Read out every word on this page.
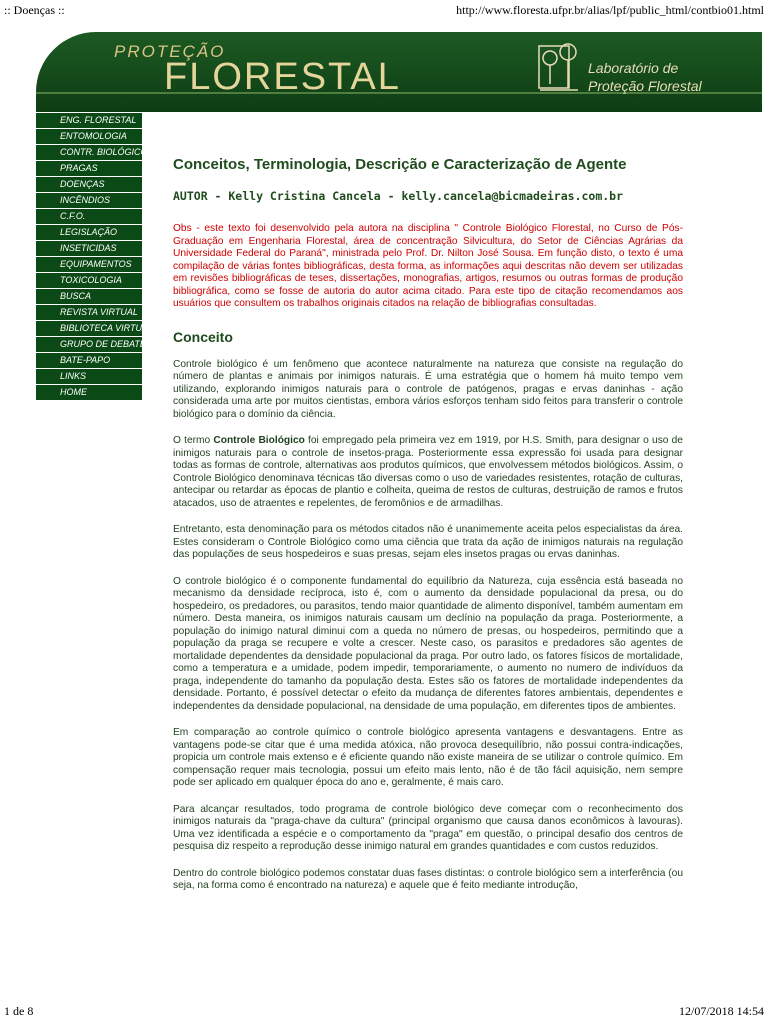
:: Doenças ::	http://www.floresta.ufpr.br/alias/lpf/public_html/contbio01.html
PROTEÇÃO
FLORESTAL	Laboratório de
Proteção Florestal
ENG. FLORESTAL
ENTOMOLOGIA
CONTR. BIOLÓGICO
PRAGAS
DOENÇAS
INCÊNDIOS
C.F.O.
LEGISLAÇÃO
INSETICIDAS
EQUIPAMENTOS
TOXICOLOGIA
BUSCA
REVISTA VIRTUAL
BIBLIOTECA VIRTUAL
GRUPO DE DEBATES
BATE-PAPO
LINKS
HOME
Conceitos, Terminologia, Descrição e Caracterização de Agente
AUTOR - Kelly Cristina Cancela - kelly.cancela@bicmadeiras.com.br

Obs - este texto foi desenvolvido pela autora na disciplina " Controle Biológico Florestal, no Curso de Pós-Graduação em Engenharia Florestal, área de concentração Silvicultura, do Setor de Ciências Agrárias da Universidade Federal do Paraná", ministrada pelo Prof. Dr. Nilton José Sousa. Em função disto, o texto é uma compilação de várias fontes bibliográficas, desta forma, as informações aqui descritas não devem ser utilizadas em revisões bibliográficas de teses, dissertações, monografias, artigos, resumos ou outras formas de produção bibliográfica, como se fosse de autoria do autor acima citado. Para este tipo de citação recomendamos aos usuários que consultem os trabalhos originais citados na relação de bibliografias consultadas.

Conceito

Controle biológico é um fenômeno que acontece naturalmente na natureza que consiste na regulação do número de plantas e animais por inimigos naturais. É uma estratégia que o homem há muito tempo vem utilizando, explorando inimigos naturais para o controle de patógenos, pragas e ervas daninhas - ação considerada uma arte por muitos cientistas, embora vários esforços tenham sido feitos para transferir o controle biológico para o domínio da ciência.

O termo Controle Biológico foi empregado pela primeira vez em 1919, por H.S. Smith, para designar o uso de inimigos naturais para o controle de insetos-praga. Posteriormente essa expressão foi usada para designar todas as formas de controle, alternativas aos produtos químicos, que envolvessem métodos biológicos. Assim, o Controle Biológico denominava técnicas tão diversas como o uso de variedades resistentes, rotação de culturas, antecipar ou retardar as épocas de plantio e colheita, queima de restos de culturas, destruição de ramos e frutos atacados, uso de atraentes e repelentes, de feromônios e de armadilhas.

Entretanto, esta denominação para os métodos citados não é unanimemente aceita pelos especialistas da área. Estes consideram o Controle Biológico como uma ciência que trata da ação de inimigos naturais na regulação das populações de seus hospedeiros e suas presas, sejam eles insetos pragas ou ervas daninhas.

O controle biológico é o componente fundamental do equilíbrio da Natureza, cuja essência está baseada no mecanismo da densidade recíproca, isto é, com o aumento da densidade populacional da presa, ou do hospedeiro, os predadores, ou parasitos, tendo maior quantidade de alimento disponível, também aumentam em número. Desta maneira, os inimigos naturais causam um declínio na população da praga. Posteriormente, a população do inimigo natural diminui com a queda no número de presas, ou hospedeiros, permitindo que a população da praga se recupere e volte a crescer. Neste caso, os parasitos e predadores são agentes de mortalidade dependentes da densidade populacional da praga. Por outro lado, os fatores físicos de mortalidade, como a temperatura e a umidade, podem impedir, temporariamente, o aumento no numero de indivíduos da praga, independente do tamanho da população desta. Estes são os fatores de mortalidade independentes da densidade. Portanto, é possível detectar o efeito da mudança de diferentes fatores ambientais, dependentes e independentes da densidade populacional, na densidade de uma população, em diferentes tipos de ambientes.

Em comparação ao controle químico o controle biológico apresenta vantagens e desvantagens. Entre as vantagens pode-se citar que é uma medida atóxica, não provoca desequilíbrio, não possui contra-indicações, propicia um controle mais extenso e é eficiente quando não existe maneira de se utilizar o controle químico. Em compensação requer mais tecnologia, possui um efeito mais lento, não é de tão fácil aquisição, nem sempre pode ser aplicado em qualquer época do ano e, geralmente, é mais caro.

Para alcançar resultados, todo programa de controle biológico deve começar com o reconhecimento dos inimigos naturais da "praga-chave da cultura" (principal organismo que causa danos econômicos à lavouras). Uma vez identificada a espécie e o comportamento da "praga" em questão, o principal desafio dos centros de pesquisa diz respeito a reprodução desse inimigo natural em grandes quantidades e com custos reduzidos.

Dentro do controle biológico podemos constatar duas fases distintas: o controle biológico sem a interferência (ou seja, na forma como é encontrado na natureza) e aquele que é feito mediante introdução,

1 de 8	12/07/2018 14:54
